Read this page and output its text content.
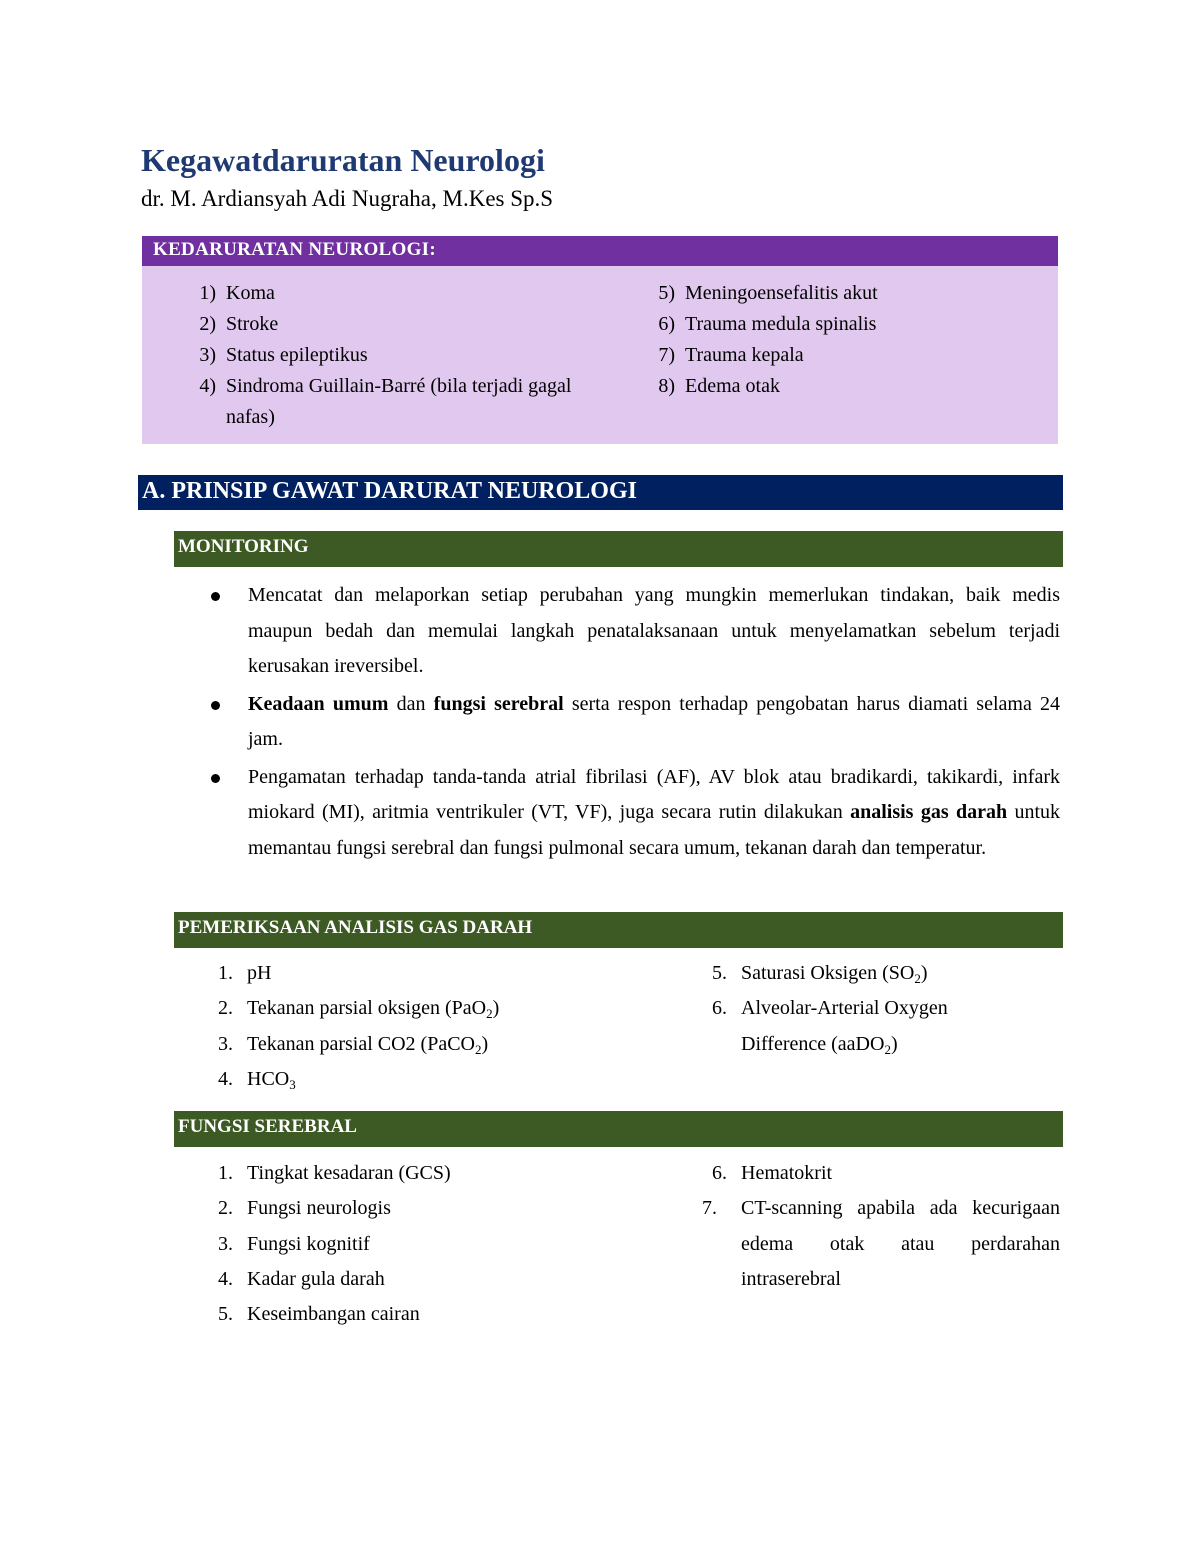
Kegawatdaruratan Neurologi
dr. M. Ardiansyah Adi Nugraha, M.Kes Sp.S
KEDARURATAN NEUROLOGI:
1) Koma
2) Stroke
3) Status epileptikus
4) Sindroma Guillain-Barré (bila terjadi gagal nafas)
5) Meningoensefalitis akut
6) Trauma medula spinalis
7) Trauma kepala
8) Edema otak
A. PRINSIP GAWAT DARURAT NEUROLOGI
MONITORING
Mencatat dan melaporkan setiap perubahan yang mungkin memerlukan tindakan, baik medis maupun bedah dan memulai langkah penatalaksanaan untuk menyelamatkan sebelum terjadi kerusakan ireversibel.
Keadaan umum dan fungsi serebral serta respon terhadap pengobatan harus diamati selama 24 jam.
Pengamatan terhadap tanda-tanda atrial fibrilasi (AF), AV blok atau bradikardi, takikardi, infark miokard (MI), aritmia ventrikuler (VT, VF), juga secara rutin dilakukan analisis gas darah untuk memantau fungsi serebral dan fungsi pulmonal secara umum, tekanan darah dan temperatur.
PEMERIKSAAN ANALISIS GAS DARAH
1. pH
2. Tekanan parsial oksigen (PaO$_2$)
3. Tekanan parsial CO2 (PaCO$_2$)
4. $HCO_3$
5. Saturasi Oksigen $(SO_2)$
6. Alveolar-Arterial Oxygen Difference (aaDO$_2$)
FUNGSI SEREBRAL
1. Tingkat kesadaran (GCS)
2. Fungsi neurologis
3. Fungsi kognitif
4. Kadar gula darah
5. Keseimbangan cairan
6. Hematokrit
7.	CT-scanning apabila ada kecurigaan edema otak atau perdarahan intraserebral
